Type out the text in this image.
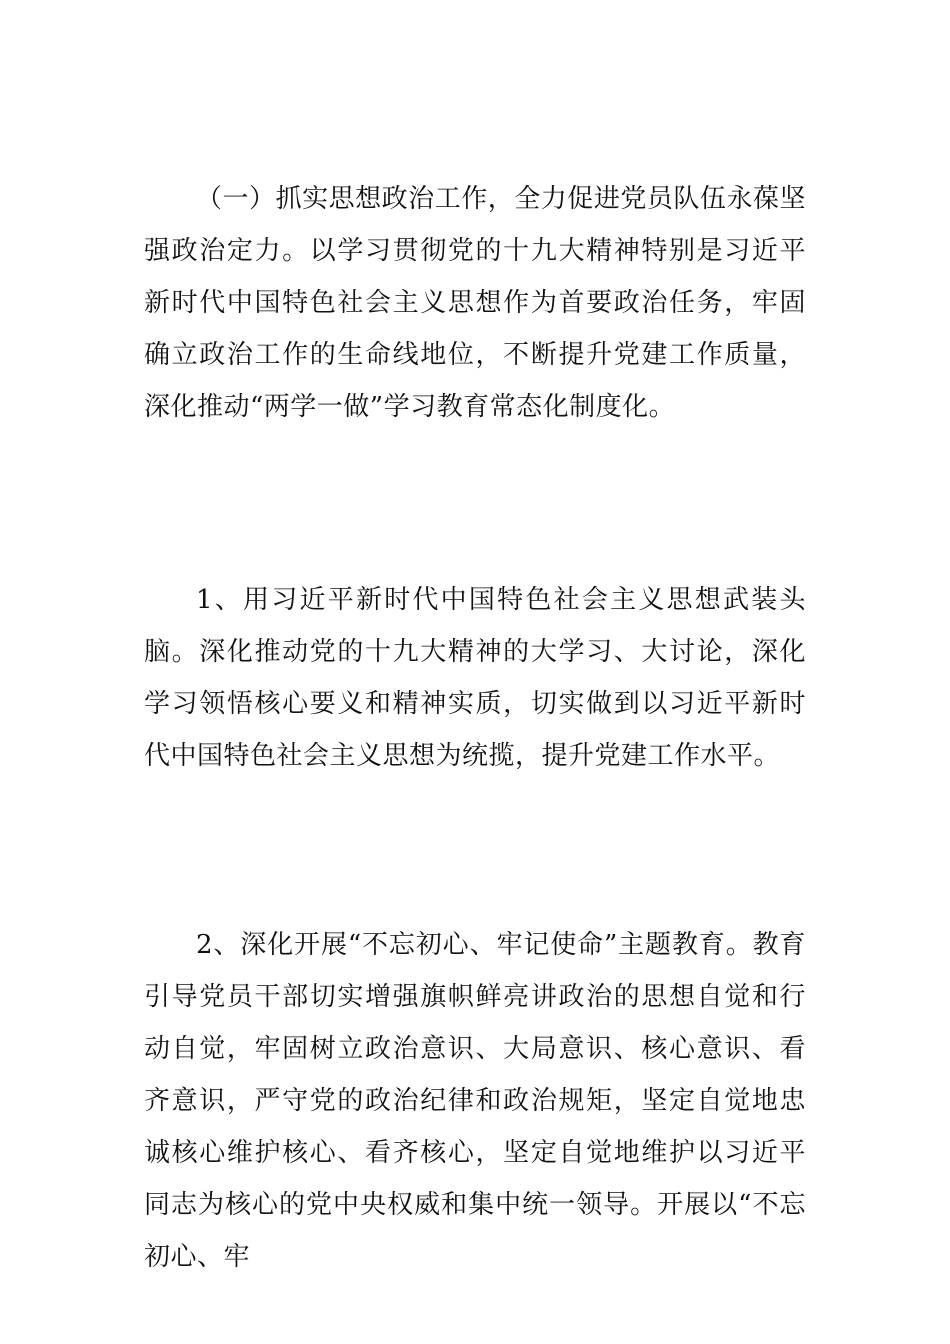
（一）抓实思想政治工作，全力促进党员队伍永葆坚强政治定力。以学习贯彻党的十九大精神特别是习近平新时代中国特色社会主义思想作为首要政治任务，牢固确立政治工作的生命线地位，不断提升党建工作质量，深化推动“两学一做”学习教育常态化制度化。

1、用习近平新时代中国特色社会主义思想武装头脑。深化推动党的十九大精神的大学习、大讨论，深化学习领悟核心要义和精神实质，切实做到以习近平新时代中国特色社会主义思想为统揽，提升党建工作水平。

2、深化开展“不忘初心、牢记使命”主题教育。教育引导党员干部切实增强旗帜鲜亮讲政治的思想自觉和行动自觉，牢固树立政治意识、大局意识、核心意识、看齐意识，严守党的政治纪律和政治规矩，坚定自觉地忠诚核心维护核心、看齐核心，坚定自觉地维护以习近平同志为核心的党中央权威和集中统一领导。开展以“不忘初心、牢
